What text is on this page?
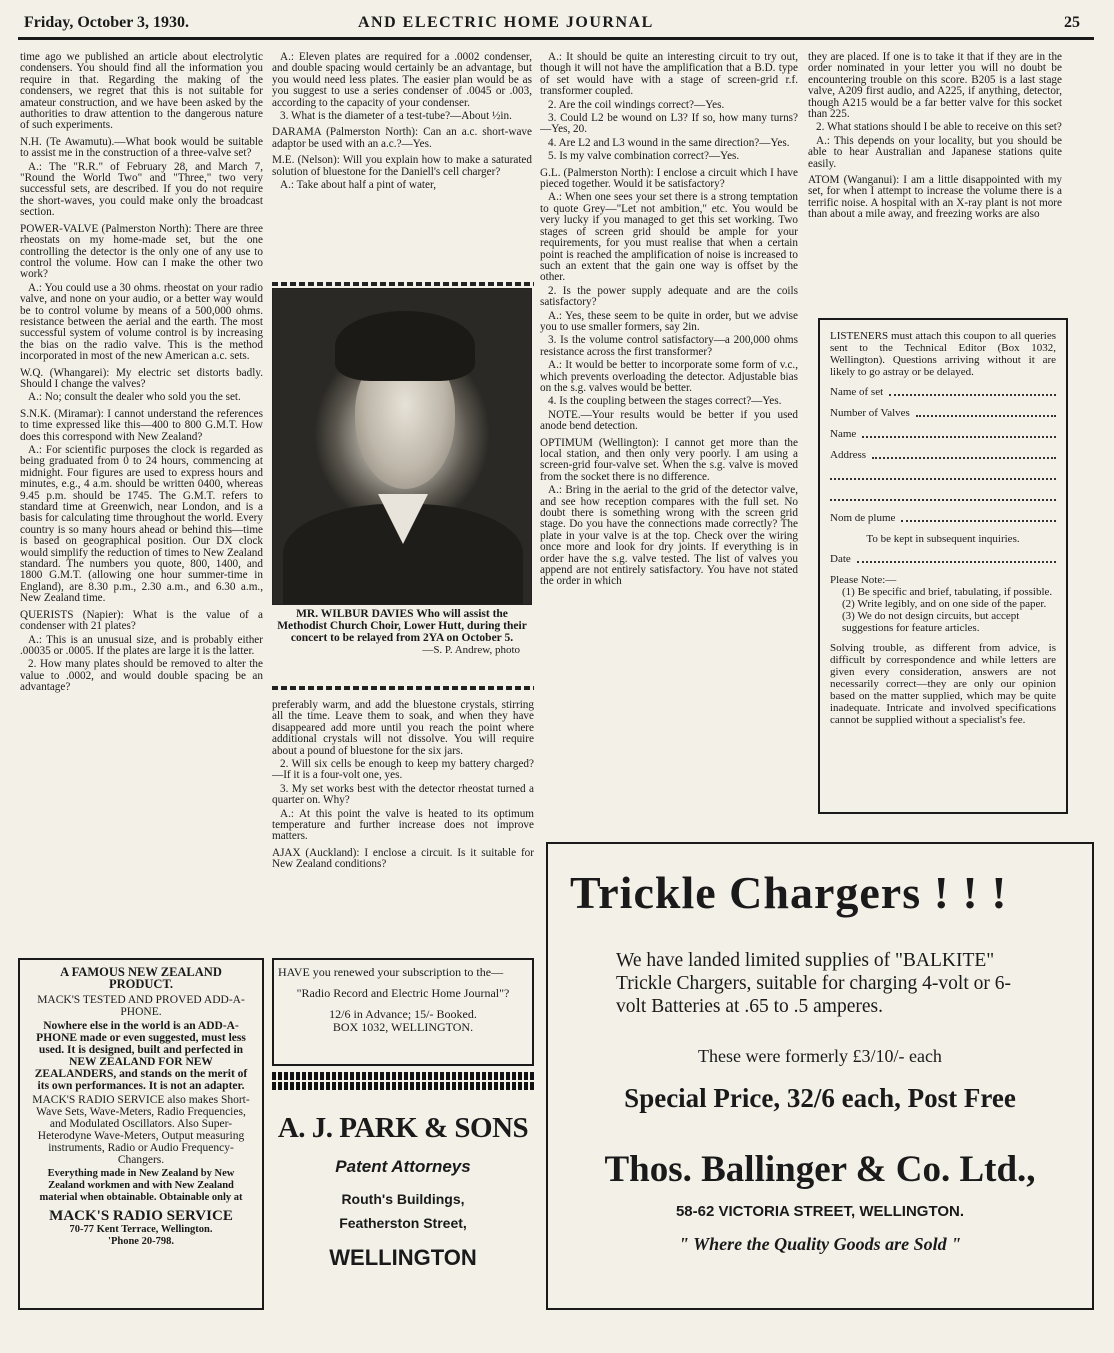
Friday, October 3, 1930.	AND ELECTRIC HOME JOURNAL	25

time ago we published an article about electrolytic condensers. You should find all the information you require in that. Regarding the making of the condensers, we regret that this is not suitable for amateur construction, and we have been asked by the authorities to draw attention to the dangerous nature of such experiments.

N.H. (Te Awamutu).—What book would be suitable to assist me in the construction of a three-valve set?

A.: The "R.R." of February 28, and March 7, "Round the World Two" and "Three," two very successful sets, are described. If you do not require the short-waves, you could make only the broadcast section.

POWER-VALVE (Palmerston North): There are three rheostats on my home-made set, but the one controlling the detector is the only one of any use to control the volume. How can I make the other two work?

A.: You could use a 30 ohms. rheostat on your radio valve, and none on your audio, or a better way would be to control volume by means of a 500,000 ohms. resistance between the aerial and the earth. The most successful system of volume control is by increasing the bias on the radio valve. This is the method incorporated in most of the new American a.c. sets.

W.Q. (Whangarei): My electric set distorts badly. Should I change the valves?

A.: No; consult the dealer who sold you the set.

S.N.K. (Miramar): I cannot understand the references to time expressed like this—400 to 800 G.M.T. How does this correspond with New Zealand?

A.: For scientific purposes the clock is regarded as being graduated from 0 to 24 hours, commencing at midnight. Four figures are used to express hours and minutes, e.g., 4 a.m. should be written 0400, whereas 9.45 p.m. should be 1745. The G.M.T. refers to standard time at Greenwich, near London, and is a basis for calculating time throughout the world. Every country is so many hours ahead or behind this—time is based on geographical position. Our DX clock would simplify the reduction of times to New Zealand standard. The numbers you quote, 800, 1400, and 1800 G.M.T. (allowing one hour summer-time in England), are 8.30 p.m., 2.30 a.m., and 6.30 a.m., New Zealand time.

QUERISTS (Napier): What is the value of a condenser with 21 plates?

A.: This is an unusual size, and is probably either .00035 or .0005. If the plates are large it is the latter.

2. How many plates should be removed to alter the value to .0002, and would double spacing be an advantage?

A.: Eleven plates are required for a .0002 condenser, and double spacing would certainly be an advantage, but you would need less plates. The easier plan would be as you suggest to use a series condenser of .0045 or .003, according to the capacity of your condenser.

3. What is the diameter of a test-tube?—About ½in.

DARAMA (Palmerston North): Can an a.c. short-wave adaptor be used with an a.c.?—Yes.

M.E. (Nelson): Will you explain how to make a saturated solution of bluestone for the Daniell's cell charger?

A.: Take about half a pint of water,

MR. WILBUR DAVIES Who will assist the Methodist Church Choir, Lower Hutt, during their concert to be relayed from 2YA on October 5.
—S. P. Andrew, photo

preferably warm, and add the bluestone crystals, stirring all the time. Leave them to soak, and when they have disappeared add more until you reach the point where additional crystals will not dissolve. You will require about a pound of bluestone for the six jars.

2. Will six cells be enough to keep my battery charged?—If it is a four-volt one, yes.

3. My set works best with the detector rheostat turned a quarter on. Why?

A.: At this point the valve is heated to its optimum temperature and further increase does not improve matters.

AJAX (Auckland): I enclose a circuit. Is it suitable for New Zealand conditions?

A.: It should be quite an interesting circuit to try out, though it will not have the amplification that a B.D. type of set would have with a stage of screen-grid r.f. transformer coupled.

2. Are the coil windings correct?—Yes.

3. Could L2 be wound on L3? If so, how many turns?—Yes, 20.

4. Are L2 and L3 wound in the same direction?—Yes.

5. Is my valve combination correct?—Yes.

G.L. (Palmerston North): I enclose a circuit which I have pieced together. Would it be satisfactory?

A.: When one sees your set there is a strong temptation to quote Grey—"Let not ambition," etc. You would be very lucky if you managed to get this set working. Two stages of screen grid should be ample for your requirements, for you must realise that when a certain point is reached the amplification of noise is increased to such an extent that the gain one way is offset by the other.

2. Is the power supply adequate and are the coils satisfactory?

A.: Yes, these seem to be quite in order, but we advise you to use smaller formers, say 2in.

3. Is the volume control satisfactory—a 200,000 ohms resistance across the first transformer?

A.: It would be better to incorporate some form of v.c., which prevents overloading the detector. Adjustable bias on the s.g. valves would be better.

4. Is the coupling between the stages correct?—Yes.

NOTE.—Your results would be better if you used anode bend detection.

OPTIMUM (Wellington): I cannot get more than the local station, and then only very poorly. I am using a screen-grid four-valve set. When the s.g. valve is moved from the socket there is no difference.

A.: Bring in the aerial to the grid of the detector valve, and see how reception compares with the full set. No doubt there is something wrong with the screen grid stage. Do you have the connections made correctly? The plate in your valve is at the top. Check over the wiring once more and look for dry joints. If everything is in order have the s.g. valve tested. The list of valves you append are not entirely satisfactory. You have not stated the order in which

they are placed. If one is to take it that if they are in the order nominated in your letter you will no doubt be encountering trouble on this score. B205 is a last stage valve, A209 first audio, and A225, if anything, detector, though A215 would be a far better valve for this socket than 225.

2. What stations should I be able to receive on this set?

A.: This depends on your locality, but you should be able to hear Australian and Japanese stations quite easily.

ATOM (Wanganui): I am a little disappointed with my set, for when I attempt to increase the volume there is a terrific noise. A hospital with an X-ray plant is not more than about a mile away, and freezing works are also

LISTENERS must attach this coupon to all queries sent to the Technical Editor (Box 1032, Wellington). Questions arriving without it are likely to go astray or be delayed.
Name of set
Number of Valves
Name
Address
Nom de plume
To be kept in subsequent inquiries.
Date
Please Note:—
(1) Be specific and brief, tabulating, if possible.
(2) Write legibly, and on one side of the paper.
(3) We do not design circuits, but accept suggestions for feature articles.
Solving trouble, as different from advice, is difficult by correspondence and while letters are given every consideration, answers are not necessarily correct—they are only our opinion based on the matter supplied, which may be quite inadequate. Intricate and involved specifications cannot be supplied without a specialist's fee.
A FAMOUS NEW ZEALAND PRODUCT.
MACK'S TESTED AND PROVED ADD-A-PHONE.
Nowhere else in the world is an ADD-A-PHONE made or even suggested, must less used. It is designed, built and perfected in NEW ZEALAND FOR NEW ZEALANDERS, and stands on the merit of its own performances. It is not an adapter.
MACK'S RADIO SERVICE also makes Short-Wave Sets, Wave-Meters, Radio Frequencies, and Modulated Oscillators. Also Super-Heterodyne Wave-Meters, Output measuring instruments, Radio or Audio Frequency-Changers.
Everything made in New Zealand by New Zealand workmen and with New Zealand material when obtainable. Obtainable only at
MACK'S RADIO SERVICE
70-77 Kent Terrace, Wellington.
'Phone 20-798.
HAVE you renewed your subscription to the—
"Radio Record and Electric Home Journal"?
12/6 in Advance; 15/- Booked.
BOX 1032, WELLINGTON.
A. J. PARK & SONS
Patent Attorneys
Routh's Buildings,
Featherston Street,
WELLINGTON
Trickle Chargers ! ! !
We have landed limited supplies of "BALKITE" Trickle Chargers, suitable for charging 4-volt or 6-volt Batteries at .65 to .5 amperes.
These were formerly £3/10/- each
Special Price, 32/6 each, Post Free
Thos. Ballinger & Co. Ltd.,
58-62 VICTORIA STREET, WELLINGTON.
" Where the Quality Goods are Sold "
